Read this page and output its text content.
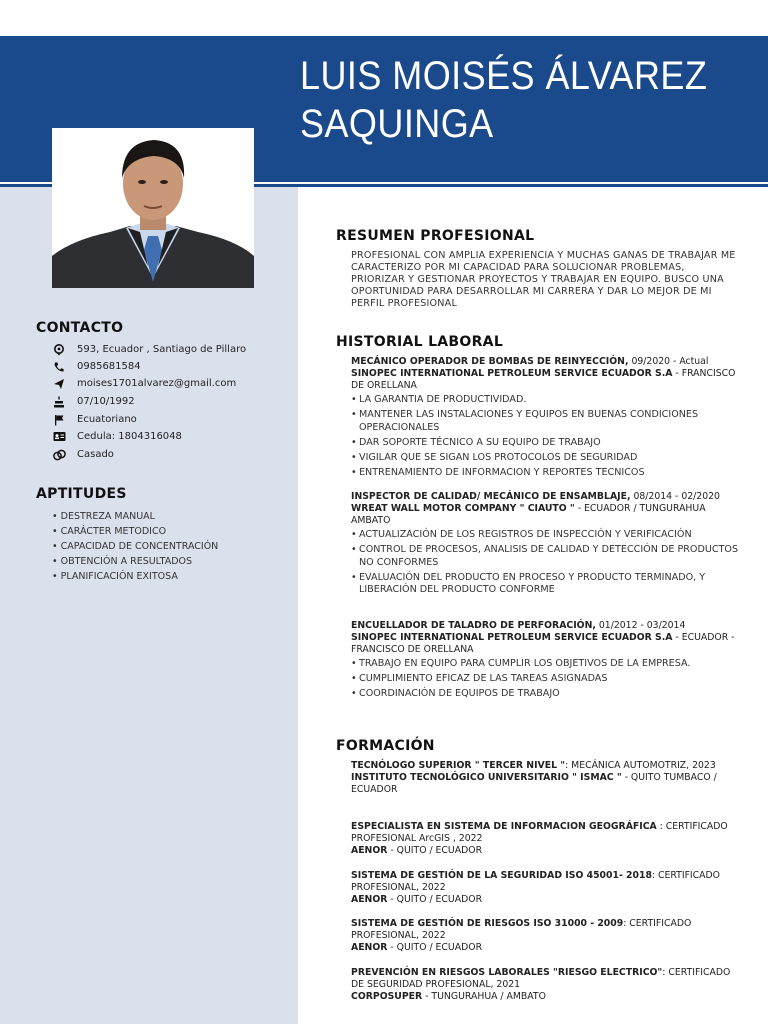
LUIS MOISÉS ÁLVAREZ
SAQUINGA
CONTACTO
593, Ecuador , Santiago de Pillaro
0985681584
moises1701alvarez@gmail.com
07/10/1992
Ecuatoriano
Cedula: 1804316048
Casado
APTITUDES
• DESTREZA MANUAL
• CARÁCTER METODICO
• CAPACIDAD DE CONCENTRACIÓN
• OBTENCIÓN A RESULTADOS
• PLANIFICACIÓN EXITOSA
RESUMEN PROFESIONAL
PROFESIONAL CON AMPLIA EXPERIENCIA Y MUCHAS GANAS DE TRABAJAR ME CARACTERIZO POR MI CAPACIDAD PARA SOLUCIONAR PROBLEMAS, PRIORIZAR Y GESTIONAR PROYECTOS Y TRABAJAR EN EQUIPO. BUSCO UNA OPORTUNIDAD PARA DESARROLLAR MI CARRERA Y DAR LO MEJOR DE MI PERFIL PROFESIONAL
HISTORIAL LABORAL
MECÁNICO OPERADOR DE BOMBAS DE REINYECCIÓN, 09/2020 - Actual
SINOPEC INTERNATIONAL PETROLEUM SERVICE ECUADOR S.A - FRANCISCO DE ORELLANA
• LA GARANTIA DE PRODUCTIVIDAD.
• MANTENER LAS INSTALACIONES Y EQUIPOS EN BUENAS CONDICIONES OPERACIONALES
• DAR SOPORTE TÉCNICO A SU EQUIPO DE TRABAJO
• VIGILAR QUE SE SIGAN LOS PROTOCOLOS DE SEGURIDAD
• ENTRENAMIENTO DE INFORMACION Y REPORTES TECNICOS
INSPECTOR DE CALIDAD/ MECÁNICO DE ENSAMBLAJE, 08/2014 - 02/2020
WREAT WALL MOTOR COMPANY " CIAUTO " - ECUADOR / TUNGURAHUA AMBATO
• ACTUALIZACIÓN DE LOS REGISTROS DE INSPECCIÓN Y VERIFICACIÓN
• CONTROL DE PROCESOS, ANALISIS DE CALIDAD Y DETECCIÓN DE PRODUCTOS NO CONFORMES
• EVALUACIÓN DEL PRODUCTO EN PROCESO Y PRODUCTO TERMINADO, Y LIBERACIÓN DEL PRODUCTO CONFORME
ENCUELLADOR DE TALADRO DE PERFORACIÓN, 01/2012 - 03/2014
SINOPEC INTERNATIONAL PETROLEUM SERVICE ECUADOR S.A - ECUADOR - FRANCISCO DE ORELLANA
• TRABAJO EN EQUIPO PARA CUMPLIR LOS OBJETIVOS DE LA EMPRESA.
• CUMPLIMIENTO EFICAZ DE LAS TAREAS ASIGNADAS
• COORDINACIÓN DE EQUIPOS DE TRABAJO
FORMACIÓN
TECNÓLOGO SUPERIOR " TERCER NIVEL ": MECÁNICA AUTOMOTRIZ, 2023
INSTITUTO TECNOLÓGICO UNIVERSITARIO " ISMAC " - QUITO TUMBACO / ECUADOR
ESPECIALISTA EN SISTEMA DE INFORMACION GEOGRÁFICA : CERTIFICADO PROFESIONAL ArcGIS , 2022
AENOR - QUITO / ECUADOR
SISTEMA DE GESTIÓN DE LA SEGURIDAD ISO 45001- 2018: CERTIFICADO PROFESIONAL, 2022
AENOR - QUITO / ECUADOR
SISTEMA DE GESTIÓN DE RIESGOS ISO 31000 - 2009: CERTIFICADO PROFESIONAL, 2022
AENOR - QUITO / ECUADOR
PREVENCIÓN EN RIESGOS LABORALES "RIESGO ELECTRICO": CERTIFICADO DE SEGURIDAD PROFESIONAL, 2021
CORPOSUPER - TUNGURAHUA / AMBATO
